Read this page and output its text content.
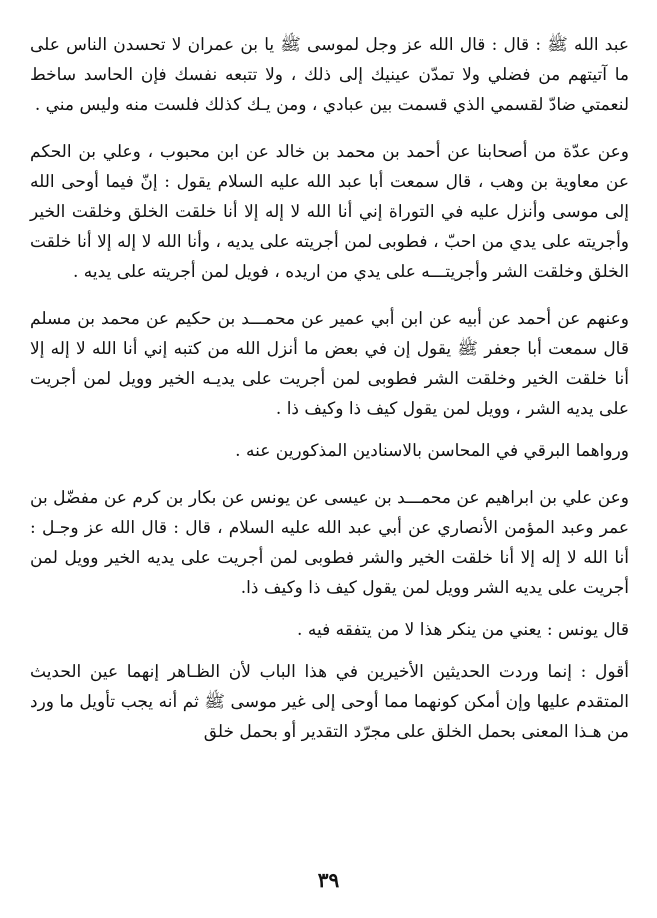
عبد الله ﷺ : قال : قال الله عز وجل لموسى ﷺ يا بن عمران لا تحسدن الناس على ما آتيتهم من فضلي ولا تمدّن عينيك إلى ذلك ، ولا تتبعه نفسك فإن الحاسد ساخط لنعمتي ضادّ لقسمي الذي قسمت بين عبادي ، ومن يـك كذلك فلست منه وليس مني .

وعن عدّة من أصحابنا عن أحمد بن محمد بن خالد عن ابن محبوب ، وعلي بن الحكم عن معاوية بن وهب ، قال سمعت أبا عبد الله عليه السلام يقول : إنّ فيما أوحى الله إلى موسى وأنزل عليه في التوراة إني أنا الله لا إله إلا أنا خلقت الخلق وخلقت الخير وأجريته على يدي من احبّ ، فطوبى لمن أجريته على يديه ، وأنا الله لا إله إلا أنا خلقت الخلق وخلقت الشر وأجريتـــه على يدي من اريده ، فويل لمن أجريته على يديه .

وعنهم عن أحمد عن أبيه عن ابن أبي عمير عن محمـــد بن حكيم عن محمد بن مسلم قال سمعت أبا جعفر ﷺ يقول إن في بعض ما أنزل الله من كتبه إني أنا الله لا إله إلا أنا خلقت الخير وخلقت الشر فطوبى لمن أجريت على يديـه الخير وويل لمن أجريت على يديه الشر ، وويل لمن يقول كيف ذا وكيف ذا .

ورواهما البرقي في المحاسن بالاسنادين المذكورين عنه .

وعن علي بن ابراهيم عن محمـــد بن عيسى عن يونس عن بكار بن كرم عن مفضّل بن عمر وعبد المؤمن الأنصاري عن أبي عبد الله عليه السلام ، قال : قال الله عز وجـل : أنا الله لا إله إلا أنا خلقت الخير والشر فطوبى لمن أجريت على يديه الخير وويل لمن أجريت على يديه الشر وويل لمن يقول كيف ذا وكيف ذا.

قال يونس : يعني من ينكر هذا لا من يتفقه فيه .

أقول : إنما وردت الحديثين الأخيرين في هذا الباب لأن الظـاهر إنهما عين الحديث المتقدم عليها وإن أمكن كونهما مما أوحى إلى غير موسى ﷺ ثم أنه يجب تأويل ما ورد من هـذا المعنى بحمل الخلق على مجرّد التقدير أو بحمل خلق

٣٩
